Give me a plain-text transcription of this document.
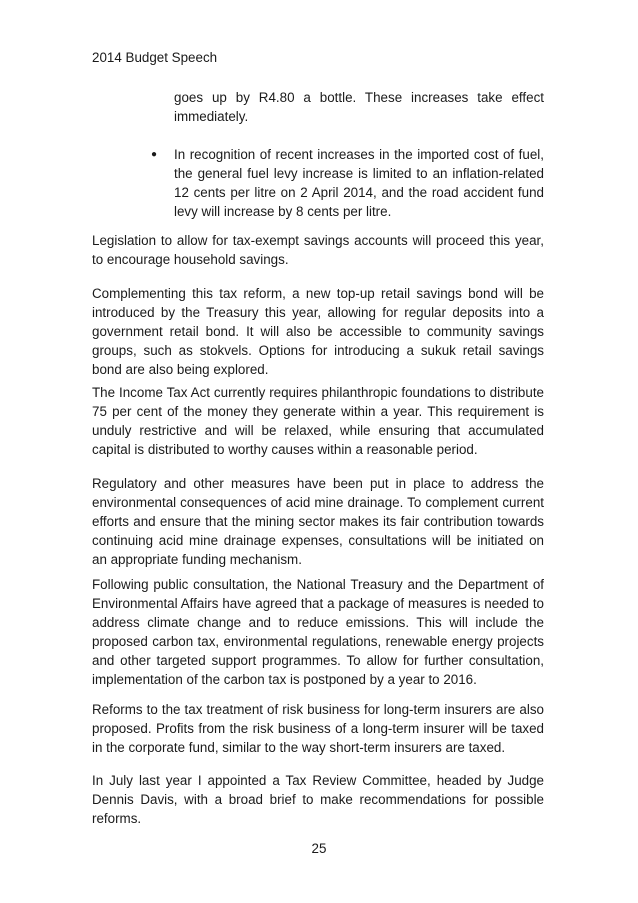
2014 Budget Speech

goes up by R4.80 a bottle. These increases take effect immediately.

● In recognition of recent increases in the imported cost of fuel, the general fuel levy increase is limited to an inflation-related 12 cents per litre on 2 April 2014, and the road accident fund levy will increase by 8 cents per litre.

Legislation to allow for tax-exempt savings accounts will proceed this year, to encourage household savings.

Complementing this tax reform, a new top-up retail savings bond will be introduced by the Treasury this year, allowing for regular deposits into a government retail bond. It will also be accessible to community savings groups, such as stokvels. Options for introducing a sukuk retail savings bond are also being explored.

The Income Tax Act currently requires philanthropic foundations to distribute 75 per cent of the money they generate within a year. This requirement is unduly restrictive and will be relaxed, while ensuring that accumulated capital is distributed to worthy causes within a reasonable period.

Regulatory and other measures have been put in place to address the environmental consequences of acid mine drainage. To complement current efforts and ensure that the mining sector makes its fair contribution towards continuing acid mine drainage expenses, consultations will be initiated on an appropriate funding mechanism.

Following public consultation, the National Treasury and the Department of Environmental Affairs have agreed that a package of measures is needed to address climate change and to reduce emissions. This will include the proposed carbon tax, environmental regulations, renewable energy projects and other targeted support programmes. To allow for further consultation, implementation of the carbon tax is postponed by a year to 2016.

Reforms to the tax treatment of risk business for long-term insurers are also proposed. Profits from the risk business of a long-term insurer will be taxed in the corporate fund, similar to the way short-term insurers are taxed.

In July last year I appointed a Tax Review Committee, headed by Judge Dennis Davis, with a broad brief to make recommendations for possible reforms.

25
